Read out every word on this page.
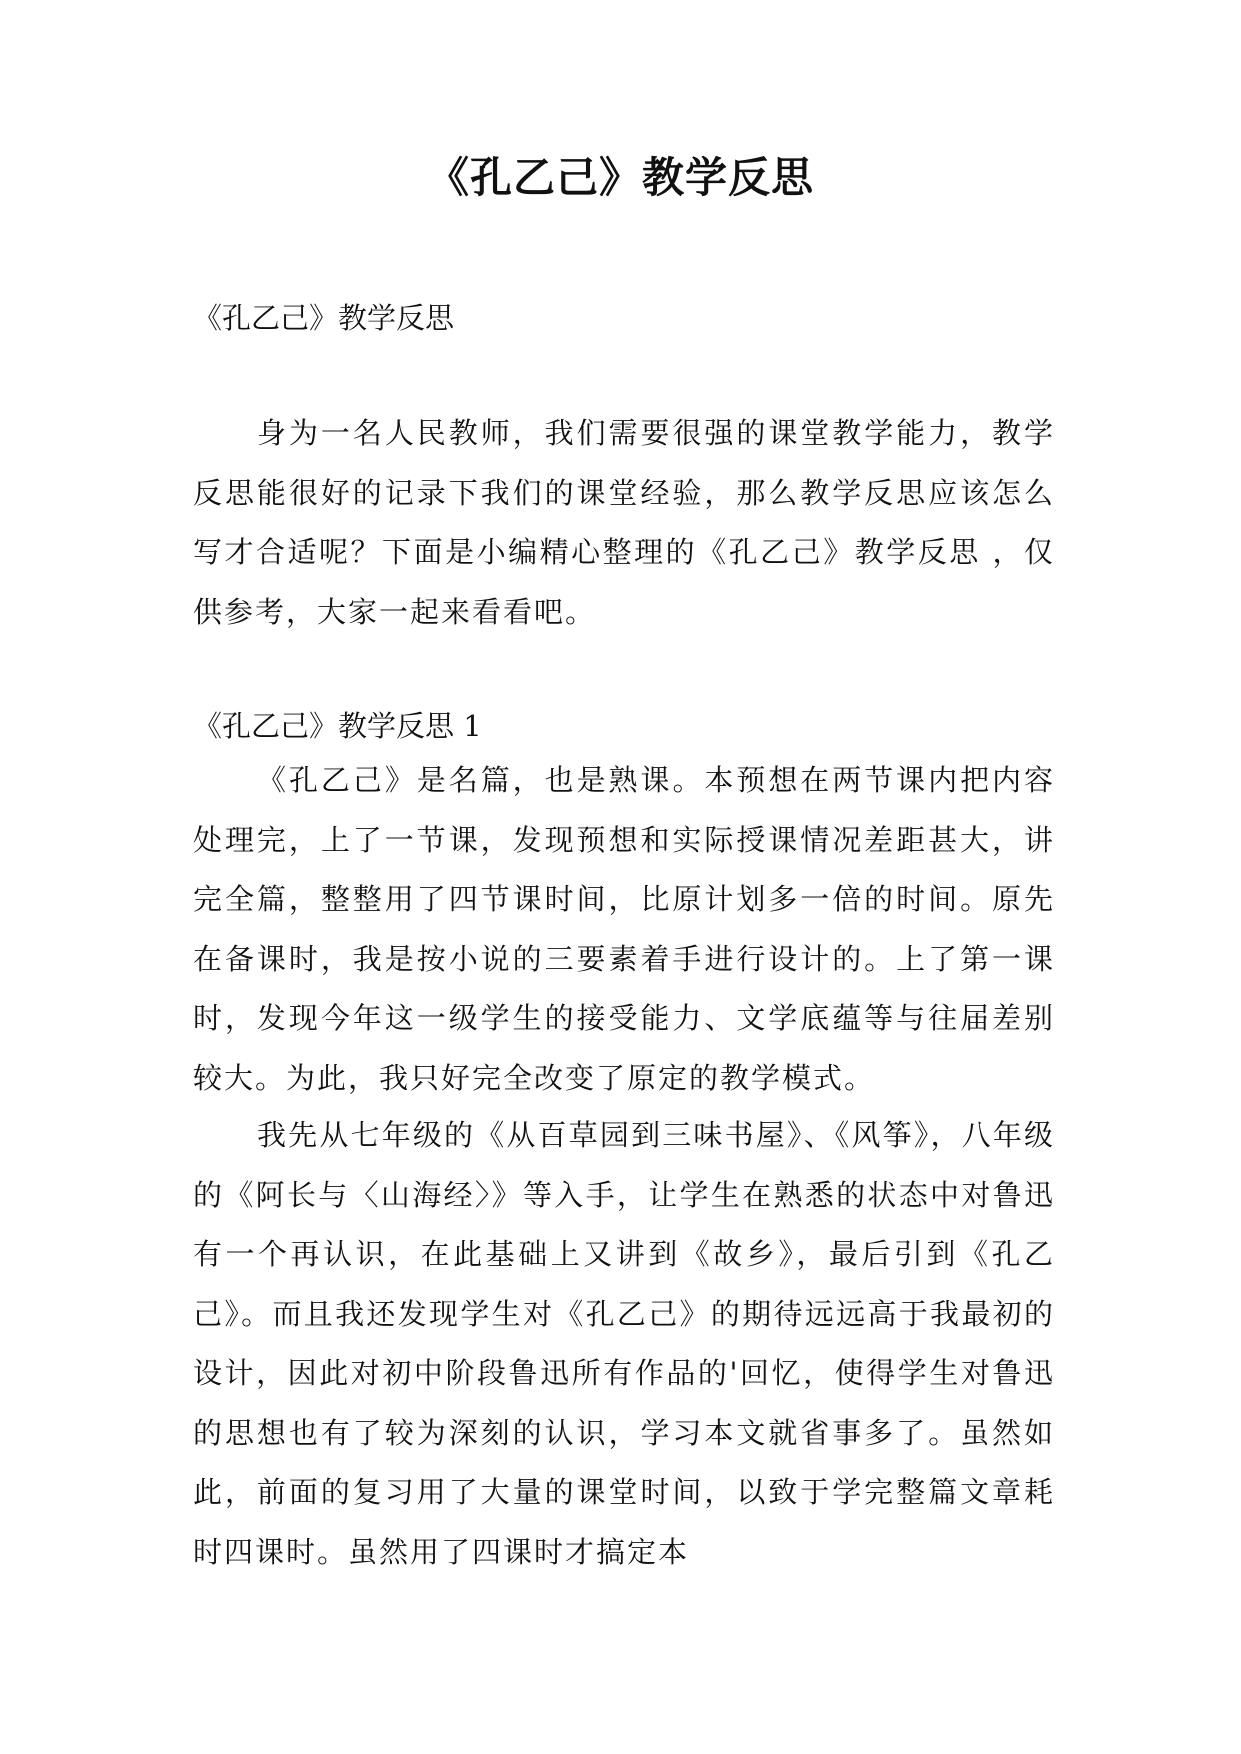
《孔乙己》教学反思

《孔乙己》教学反思

身为一名人民教师，我们需要很强的课堂教学能力，教学反思能很好的记录下我们的课堂经验，那么教学反思应该怎么写才合适呢？下面是小编精心整理的《孔乙己》教学反思 ，仅供参考，大家一起来看看吧。

《孔乙己》教学反思 1

《孔乙己》是名篇，也是熟课。本预想在两节课内把内容处理完，上了一节课，发现预想和实际授课情况差距甚大，讲完全篇，整整用了四节课时间，比原计划多一倍的时间。原先在备课时，我是按小说的三要素着手进行设计的。上了第一课时，发现今年这一级学生的接受能力、文学底蕴等与往届差别较大。为此，我只好完全改变了原定的教学模式。

我先从七年级的《从百草园到三味书屋》、《风筝》，八年级的《阿长与〈山海经〉》等入手，让学生在熟悉的状态中对鲁迅有一个再认识，在此基础上又讲到《故乡》，最后引到《孔乙己》。而且我还发现学生对《孔乙己》的期待远远高于我最初的设计，因此对初中阶段鲁迅所有作品的'回忆，使得学生对鲁迅的思想也有了较为深刻的认识，学习本文就省事多了。虽然如此，前面的复习用了大量的课堂时间，以致于学完整篇文章耗时四课时。虽然用了四课时才搞定本
